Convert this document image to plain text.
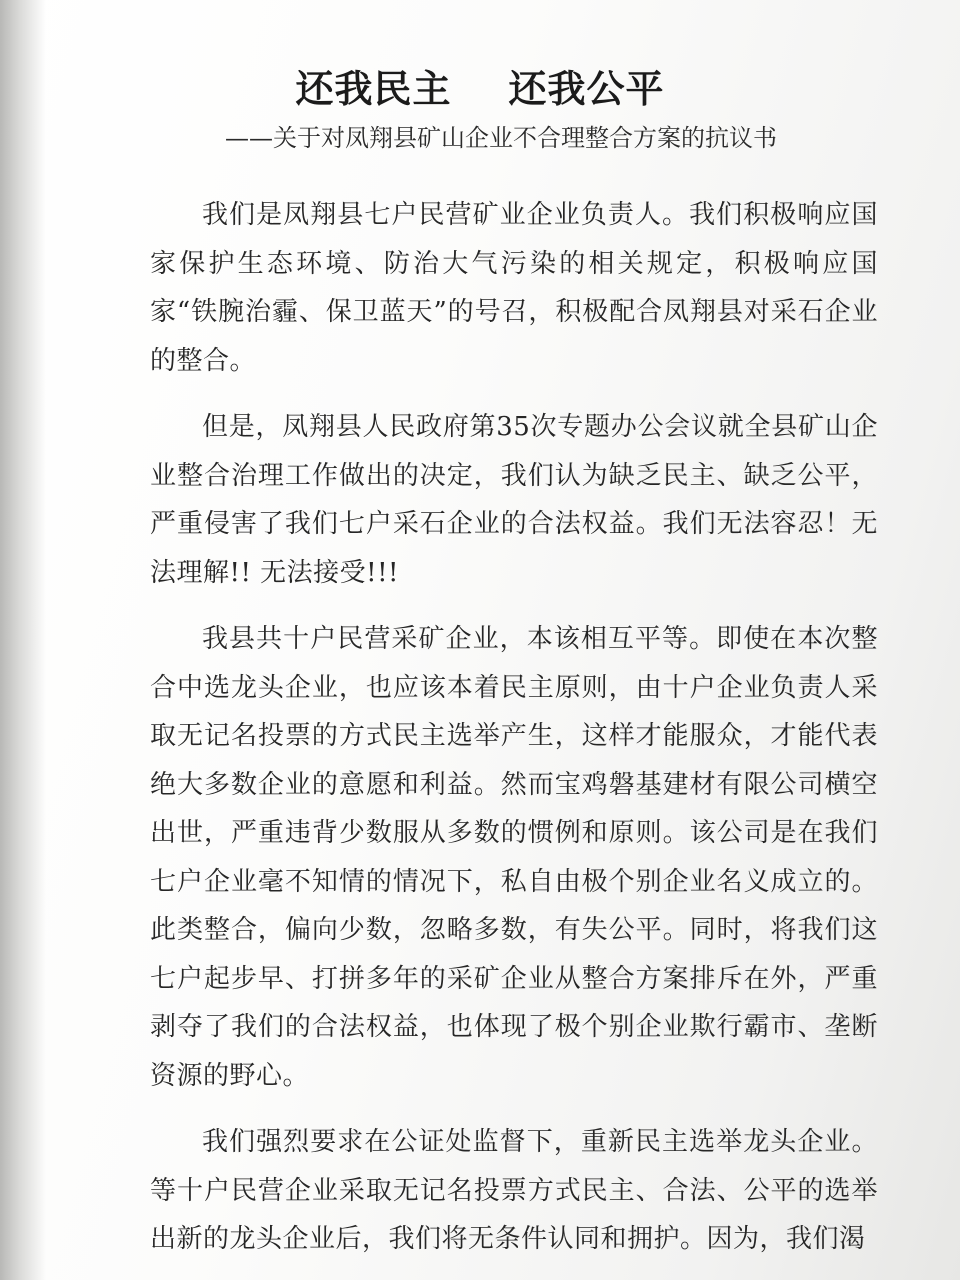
还我民主    还我公平
——关于对凤翔县矿山企业不合理整合方案的抗议书

我们是凤翔县七户民营矿业企业负责人。我们积极响应国家保护生态环境、防治大气污染的相关规定，积极响应国家“铁腕治霾、保卫蓝天”的号召，积极配合凤翔县对采石企业的整合。

但是，凤翔县人民政府第35次专题办公会议就全县矿山企业整合治理工作做出的决定，我们认为缺乏民主、缺乏公平，严重侵害了我们七户采石企业的合法权益。我们无法容忍！无法理解!! 无法接受!!!

我县共十户民营采矿企业，本该相互平等。即使在本次整合中选龙头企业，也应该本着民主原则，由十户企业负责人采取无记名投票的方式民主选举产生，这样才能服众，才能代表绝大多数企业的意愿和利益。然而宝鸡磐基建材有限公司横空出世，严重违背少数服从多数的惯例和原则。该公司是在我们七户企业毫不知情的情况下，私自由极个别企业名义成立的。此类整合，偏向少数，忽略多数，有失公平。同时，将我们这七户起步早、打拼多年的采矿企业从整合方案排斥在外，严重剥夺了我们的合法权益，也体现了极个别企业欺行霸市、垄断资源的野心。

我们强烈要求在公证处监督下，重新民主选举龙头企业。等十户民营企业采取无记名投票方式民主、合法、公平的选举出新的龙头企业后，我们将无条件认同和拥护。因为，我们渴
